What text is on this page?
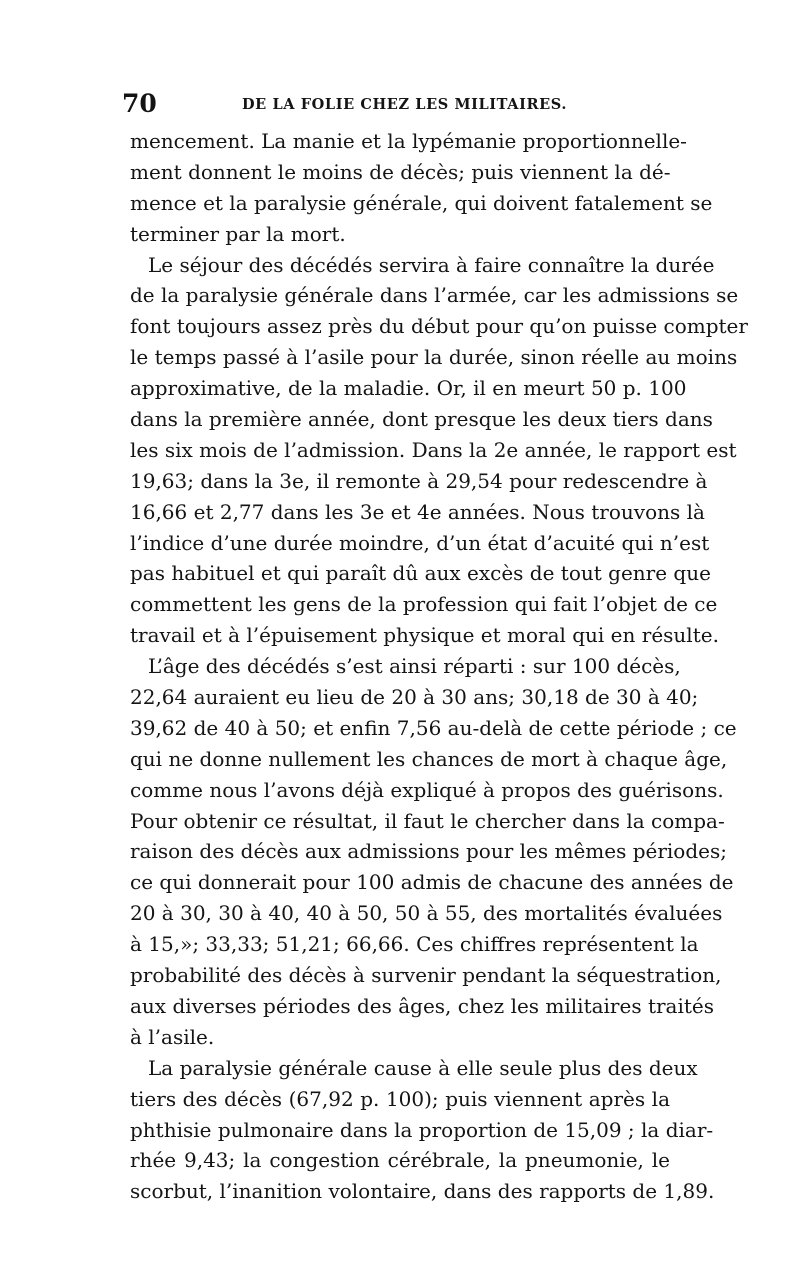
70	DE LA FOLIE CHEZ LES MILITAIRES.
mencement. La manie et la lypémanie proportionnelle-
ment donnent le moins de décès; puis viennent la dé-
mence et la paralysie générale, qui doivent fatalement se
terminer par la mort.
Le séjour des décédés servira à faire connaître la durée
de la paralysie générale dans l’armée, car les admissions se
font toujours assez près du début pour qu’on puisse compter
le temps passé à l’asile pour la durée, sinon réelle au moins
approximative, de la maladie. Or, il en meurt 50 p. 100
dans la première année, dont presque les deux tiers dans
les six mois de l’admission. Dans la 2e année, le rapport est
19,63; dans la 3e, il remonte à 29,54 pour redescendre à
16,66 et 2,77 dans les 3e et 4e années. Nous trouvons là
l’indice d’une durée moindre, d’un état d’acuité qui n’est
pas habituel et qui paraît dû aux excès de tout genre que
commettent les gens de la profession qui fait l’objet de ce
travail et à l’épuisement physique et moral qui en résulte.
L’âge des décédés s’est ainsi réparti : sur 100 décès,
22,64 auraient eu lieu de 20 à 30 ans; 30,18 de 30 à 40;
39,62 de 40 à 50; et enfin 7,56 au-delà de cette période ; ce
qui ne donne nullement les chances de mort à chaque âge,
comme nous l’avons déjà expliqué à propos des guérisons.
Pour obtenir ce résultat, il faut le chercher dans la compa-
raison des décès aux admissions pour les mêmes périodes;
ce qui donnerait pour 100 admis de chacune des années de
20 à 30, 30 à 40, 40 à 50, 50 à 55, des mortalités évaluées
à 15,»; 33,33; 51,21; 66,66. Ces chiffres représentent la
probabilité des décès à survenir pendant la séquestration,
aux diverses périodes des âges, chez les militaires traités
à l’asile.
La paralysie générale cause à elle seule plus des deux
tiers des décès (67,92 p. 100); puis viennent après la
phthisie pulmonaire dans la proportion de 15,09 ; la diar-
rhée 9,43; la congestion cérébrale, la pneumonie, le
scorbut, l’inanition volontaire, dans des rapports de 1,89.
